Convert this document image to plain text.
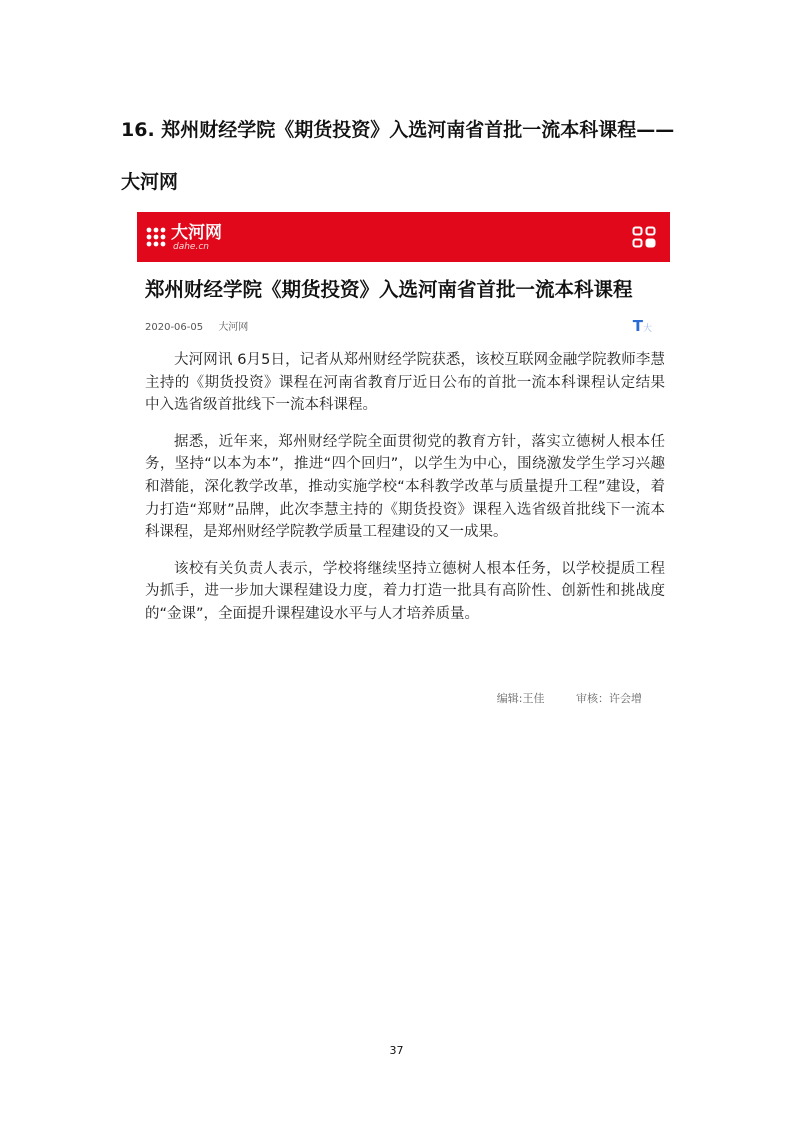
16. 郑州财经学院《期货投资》入选河南省首批一流本科课程——大河网
大河网
dahe.cn
郑州财经学院《期货投资》入选河南省首批一流本科课程
2020-06-05 大河网	T大

大河网讯 6月5日，记者从郑州财经学院获悉，该校互联网金融学院教师李慧主持的《期货投资》课程在河南省教育厅近日公布的首批一流本科课程认定结果中入选省级首批线下一流本科课程。

据悉，近年来，郑州财经学院全面贯彻党的教育方针，落实立德树人根本任务，坚持“以本为本”，推进“四个回归”，以学生为中心，围绕激发学生学习兴趣和潜能，深化教学改革，推动实施学校“本科教学改革与质量提升工程”建设，着力打造“郑财”品牌，此次李慧主持的《期货投资》课程入选省级首批线下一流本科课程，是郑州财经学院教学质量工程建设的又一成果。

该校有关负责人表示，学校将继续坚持立德树人根本任务，以学校提质工程为抓手，进一步加大课程建设力度，着力打造一批具有高阶性、创新性和挑战度的“金课”，全面提升课程建设水平与人才培养质量。

编辑:王佳	审核：许会增
37
